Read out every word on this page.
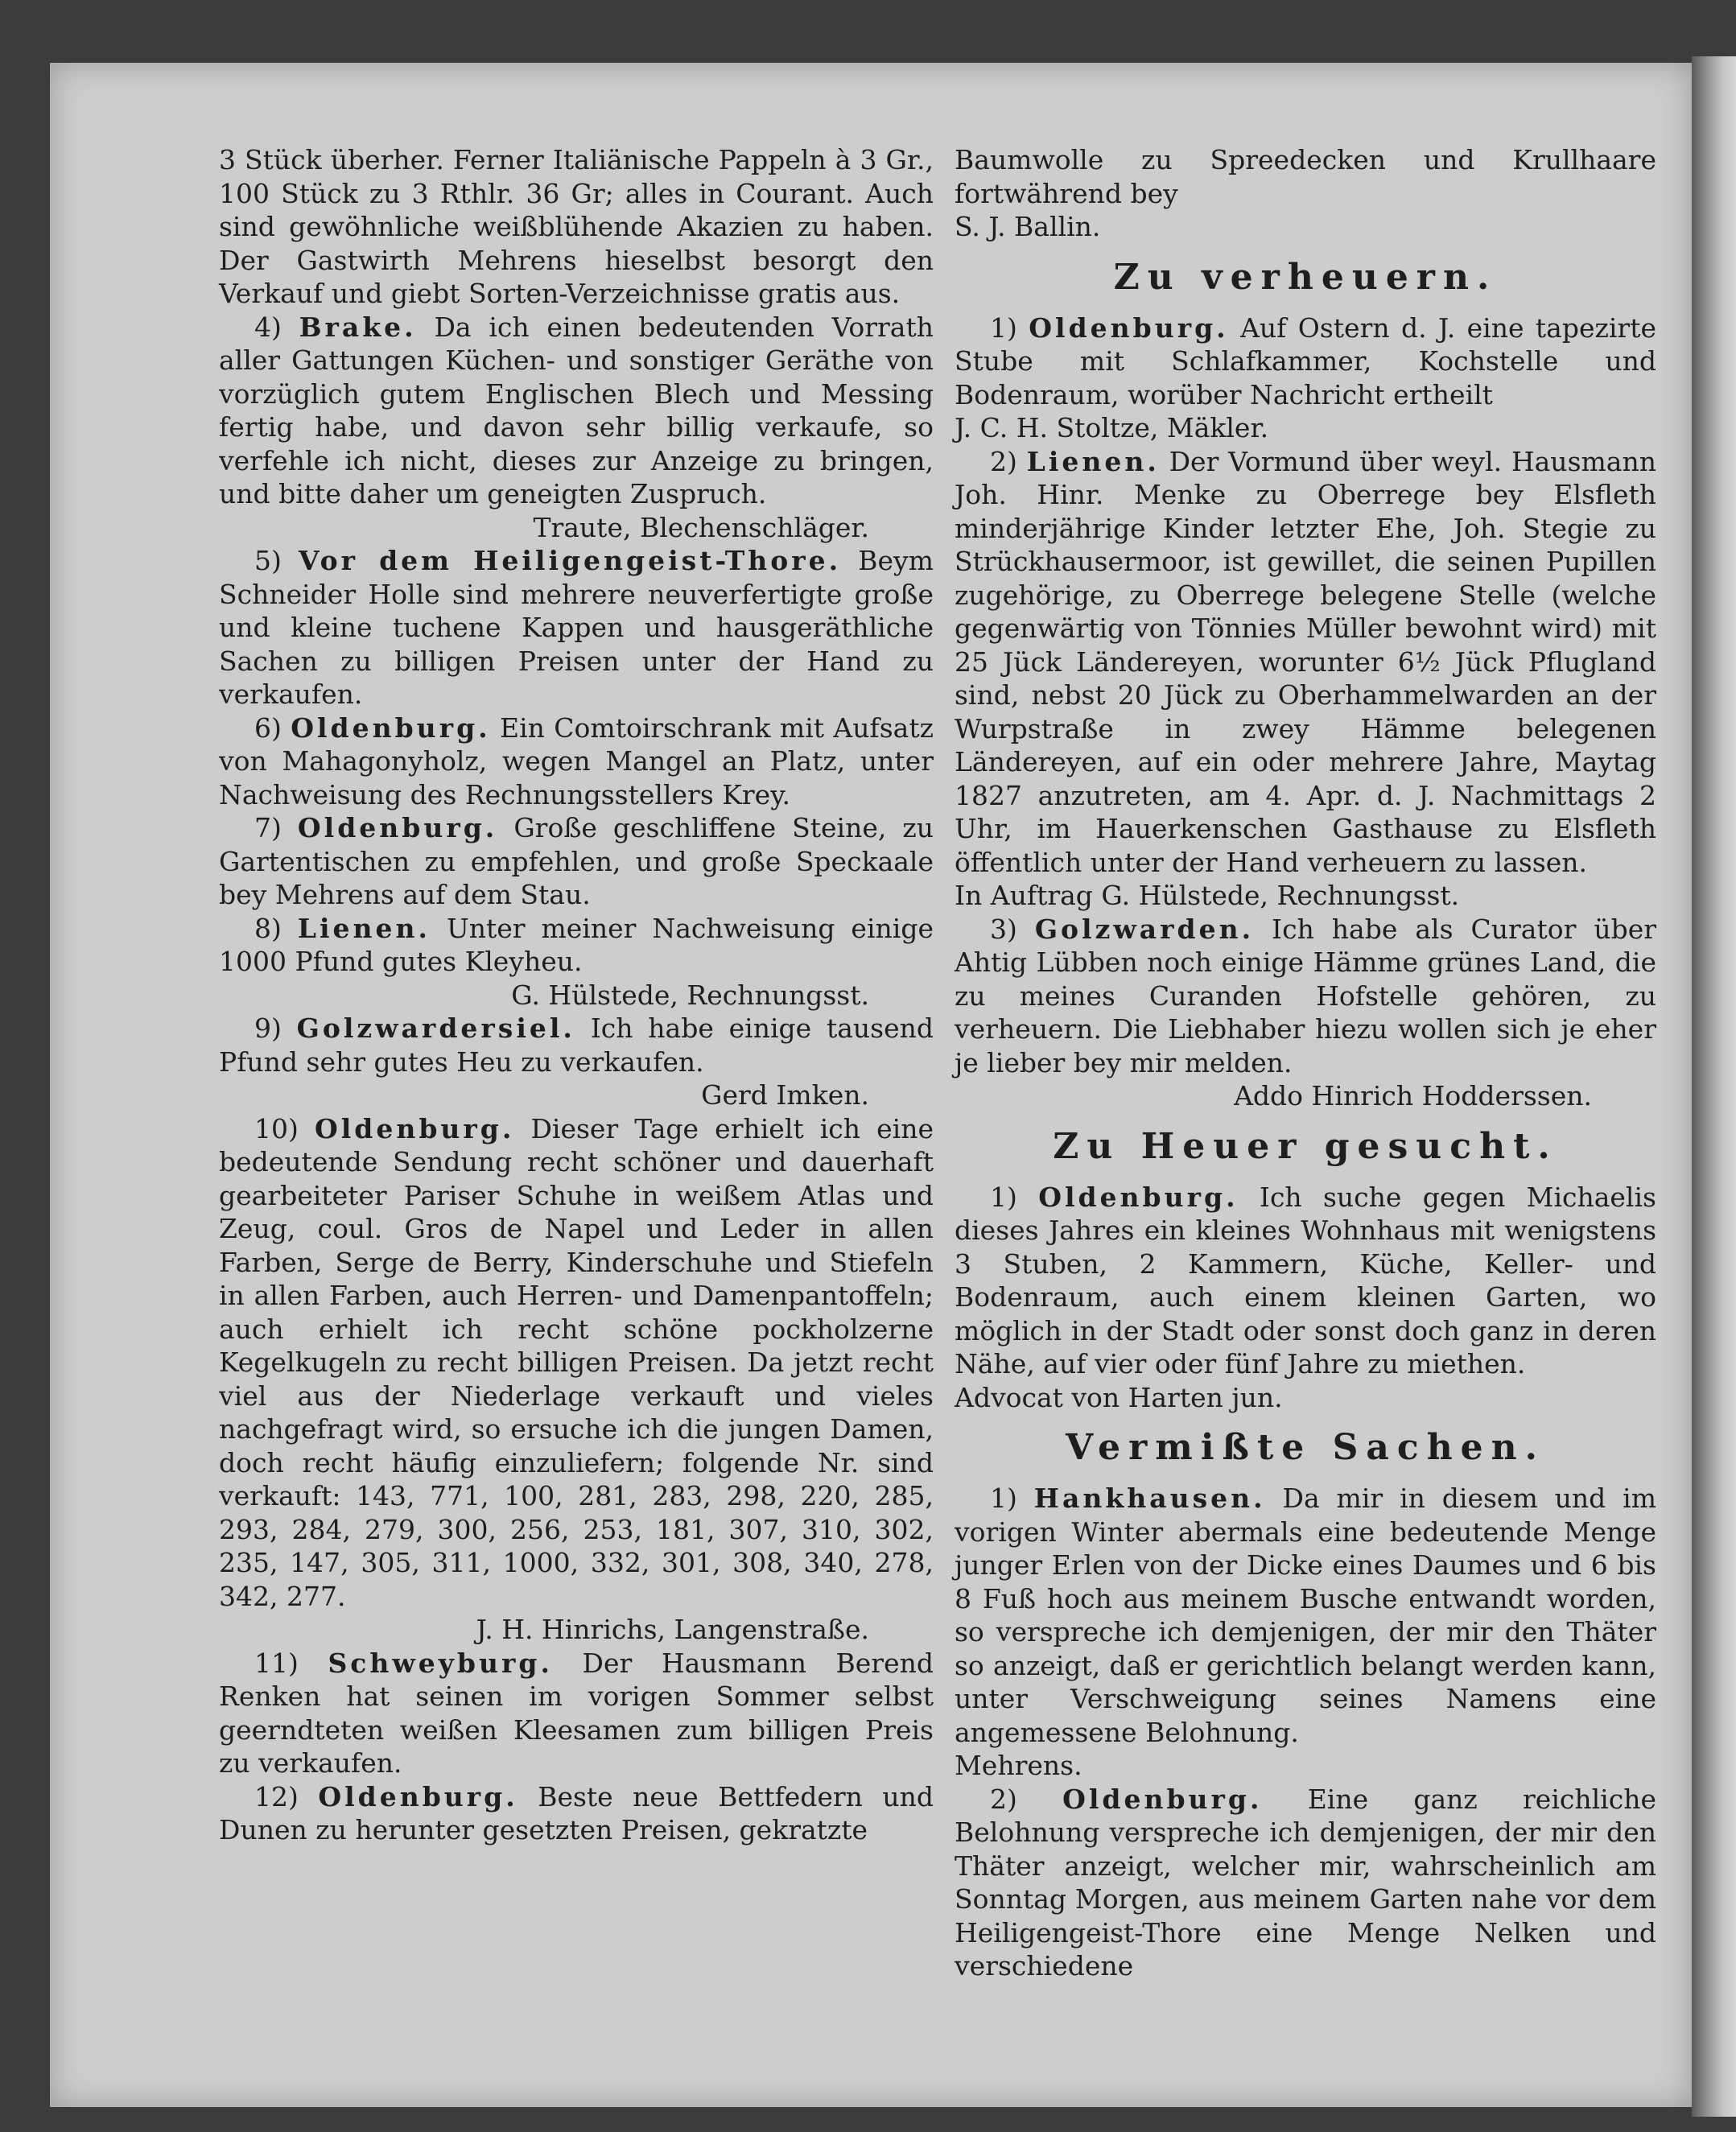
3 Stück überher. Ferner Italiänische Pappeln à 3 Gr., 100 Stück zu 3 Rthlr. 36 Gr; alles in Courant. Auch sind gewöhnliche weißblühende Akazien zu haben. Der Gastwirth Mehrens hieselbst besorgt den Verkauf und giebt Sorten-Verzeichnisse gratis aus.

4) Brake. Da ich einen bedeutenden Vorrath aller Gattungen Küchen- und sonstiger Geräthe von vorzüglich gutem Englischen Blech und Messing fertig habe, und davon sehr billig verkaufe, so verfehle ich nicht, dieses zur Anzeige zu bringen, und bitte daher um geneigten Zuspruch.

Traute, Blechenschläger.

5) Vor dem Heiligengeist-Thore. Beym Schneider Holle sind mehrere neuverfertigte große und kleine tuchene Kappen und hausgeräthliche Sachen zu billigen Preisen unter der Hand zu verkaufen.

6) Oldenburg. Ein Comtoirschrank mit Aufsatz von Mahagonyholz, wegen Mangel an Platz, unter Nachweisung des Rechnungsstellers Krey.

7) Oldenburg. Große geschliffene Steine, zu Gartentischen zu empfehlen, und große Speckaale bey Mehrens auf dem Stau.

8) Lienen. Unter meiner Nachweisung einige 1000 Pfund gutes Kleyheu.

G. Hülstede, Rechnungsst.

9) Golzwardersiel. Ich habe einige tausend Pfund sehr gutes Heu zu verkaufen.

Gerd Imken.

10) Oldenburg. Dieser Tage erhielt ich eine bedeutende Sendung recht schöner und dauerhaft gearbeiteter Pariser Schuhe in weißem Atlas und Zeug, coul. Gros de Napel und Leder in allen Farben, Serge de Berry, Kinderschuhe und Stiefeln in allen Farben, auch Herren- und Damenpantoffeln; auch erhielt ich recht schöne pockholzerne Kegelkugeln zu recht billigen Preisen. Da jetzt recht viel aus der Niederlage verkauft und vieles nachgefragt wird, so ersuche ich die jungen Damen, doch recht häufig einzuliefern; folgende Nr. sind verkauft: 143, 771, 100, 281, 283, 298, 220, 285, 293, 284, 279, 300, 256, 253, 181, 307, 310, 302, 235, 147, 305, 311, 1000, 332, 301, 308, 340, 278, 342, 277.

J. H. Hinrichs, Langenstraße.

11) Schweyburg. Der Hausmann Berend Renken hat seinen im vorigen Sommer selbst geerndteten weißen Kleesamen zum billigen Preis zu verkaufen.

12) Oldenburg. Beste neue Bettfedern und Dunen zu herunter gesetzten Preisen, gekratzte

Baumwolle zu Spreedecken und Krullhaare fortwährend bey

S. J. Ballin.

Zu verheuern.

1) Oldenburg. Auf Ostern d. J. eine tapezirte Stube mit Schlafkammer, Kochstelle und Bodenraum, worüber Nachricht ertheilt

J. C. H. Stoltze, Mäkler.

2) Lienen. Der Vormund über weyl. Hausmann Joh. Hinr. Menke zu Oberrege bey Elsfleth minderjährige Kinder letzter Ehe, Joh. Stegie zu Strückhausermoor, ist gewillet, die seinen Pupillen zugehörige, zu Oberrege belegene Stelle (welche gegenwärtig von Tönnies Müller bewohnt wird) mit 25 Jück Ländereyen, worunter 6½ Jück Pflugland sind, nebst 20 Jück zu Oberhammelwarden an der Wurpstraße in zwey Hämme belegenen Ländereyen, auf ein oder mehrere Jahre, Maytag 1827 anzutreten, am 4. Apr. d. J. Nachmittags 2 Uhr, im Hauerkenschen Gasthause zu Elsfleth öffentlich unter der Hand verheuern zu lassen.

In Auftrag G. Hülstede, Rechnungsst.

3) Golzwarden. Ich habe als Curator über Ahtig Lübben noch einige Hämme grünes Land, die zu meines Curanden Hofstelle gehören, zu verheuern. Die Liebhaber hiezu wollen sich je eher je lieber bey mir melden.

Addo Hinrich Hodderssen.

Zu Heuer gesucht.

1) Oldenburg. Ich suche gegen Michaelis dieses Jahres ein kleines Wohnhaus mit wenigstens 3 Stuben, 2 Kammern, Küche, Keller- und Bodenraum, auch einem kleinen Garten, wo möglich in der Stadt oder sonst doch ganz in deren Nähe, auf vier oder fünf Jahre zu miethen.

Advocat von Harten jun.

Vermißte Sachen.

1) Hankhausen. Da mir in diesem und im vorigen Winter abermals eine bedeutende Menge junger Erlen von der Dicke eines Daumes und 6 bis 8 Fuß hoch aus meinem Busche entwandt worden, so verspreche ich demjenigen, der mir den Thäter so anzeigt, daß er gerichtlich belangt werden kann, unter Verschweigung seines Namens eine angemessene Belohnung.

Mehrens.

2) Oldenburg. Eine ganz reichliche Belohnung verspreche ich demjenigen, der mir den Thäter anzeigt, welcher mir, wahrscheinlich am Sonntag Morgen, aus meinem Garten nahe vor dem Heiligengeist-Thore eine Menge Nelken und verschiedene
